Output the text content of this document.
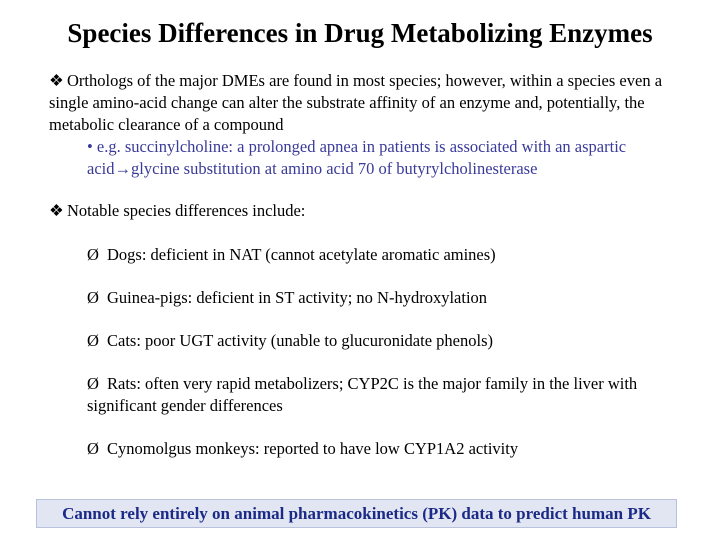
Species Differences in Drug Metabolizing Enzymes
❖ Orthologs of the major DMEs are found in most species; however, within a species even a single amino-acid change can alter the substrate affinity of an enzyme and, potentially, the metabolic clearance of a compound
• e.g. succinylcholine: a prolonged apnea in patients is associated with an aspartic acid→glycine substitution at amino acid 70 of butyrylcholinesterase
❖ Notable species differences include:
Ø Dogs: deficient in NAT (cannot acetylate aromatic amines)
Ø Guinea-pigs: deficient in ST activity; no N-hydroxylation
Ø Cats: poor UGT activity (unable to glucuronidate phenols)
Ø Rats: often very rapid metabolizers; CYP2C is the major family in the liver with significant gender differences
Ø Cynomolgus monkeys: reported to have low CYP1A2 activity
Cannot rely entirely on animal pharmacokinetics (PK) data to predict human PK
